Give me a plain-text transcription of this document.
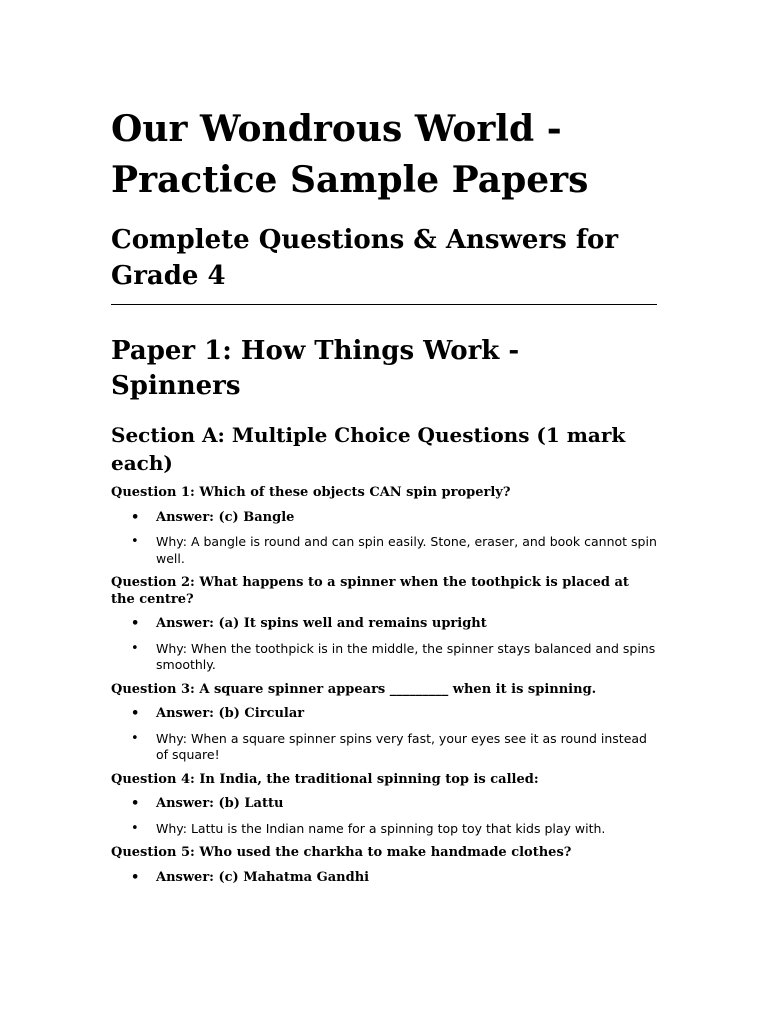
Our Wondrous World - Practice Sample Papers
Complete Questions & Answers for Grade 4
Paper 1: How Things Work - Spinners
Section A: Multiple Choice Questions (1 mark each)

Question 1: Which of these objects CAN spin properly?

• Answer: (c) Bangle
• Why: A bangle is round and can spin easily. Stone, eraser, and book cannot spin well.

Question 2: What happens to a spinner when the toothpick is placed at the centre?

• Answer: (a) It spins well and remains upright
• Why: When the toothpick is in the middle, the spinner stays balanced and spins smoothly.

Question 3: A square spinner appears _________ when it is spinning.

• Answer: (b) Circular
• Why: When a square spinner spins very fast, your eyes see it as round instead of square!

Question 4: In India, the traditional spinning top is called:

• Answer: (b) Lattu
• Why: Lattu is the Indian name for a spinning top toy that kids play with.

Question 5: Who used the charkha to make handmade clothes?

• Answer: (c) Mahatma Gandhi
